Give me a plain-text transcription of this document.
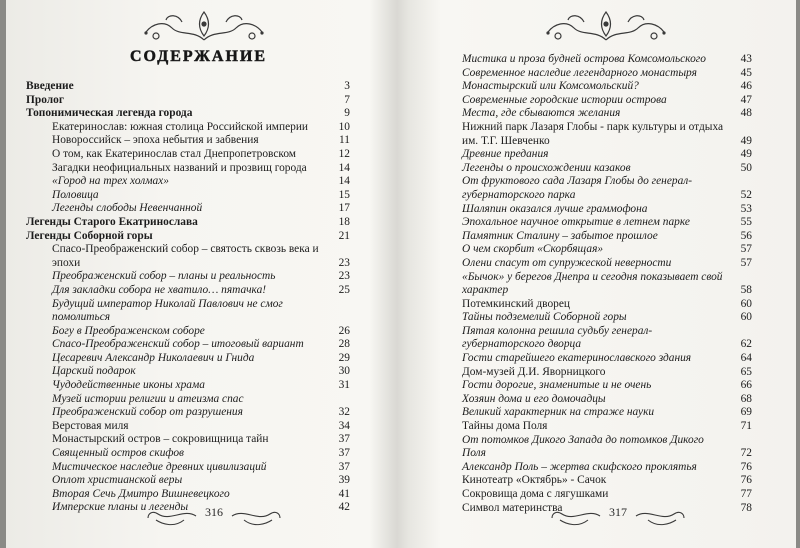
СОДЕРЖАНИЕ
Введение	3
Пролог	7
Топонимическая легенда города	9
Екатеринослав: южная столица Российской империи	10
Новороссийск – эпоха небытия и забвения	11
О том, как Екатеринослав стал Днепропетровском	12
Загадки неофициальных названий и прозвищ города	14
«Город на трех холмах»	14
Половица	15
Легенды слободы Невенчанной	17
Легенды Старого Екатринослава	18
Легенды Соборной горы	21
Спасо-Преображенский собор – святость сквозь века и эпохи	23
Преображенский собор – планы и реальность	23
Для закладки собора не хватило… пятачка!	25
Будущий император Николай Павлович не смог помолиться
Богу в Преображенском соборе	26
Спасо-Преображенский собор – итоговый вариант	28
Цесаревич Александр Николаевич и Гнида	29
Царский подарок	30
Чудодейственные иконы храма	31
Музей истории религии и атеизма спас Преображенский собор от разрушения	32
Верстовая миля	34
Монастырский остров – сокровищница тайн	37
Священный остров скифов	37
Мистическое наследие древних цивилизаций	37
Оплот христианской веры	39
Вторая Сечь Дмитро Вишневецкого	41
Имперские планы и легенды	42
316
Мистика и проза будней острова Комсомольского	43
Современное наследие легендарного монастыря	45
Монастырский или Комсомольский?	46
Современные городские истории острова	47
Места, где сбываются желания	48
Нижний парк Лазаря Глобы - парк культуры и отдыха им. Т.Г. Шевченко	49
Древние предания	49
Легенды о происхождении казаков	50
От фруктового сада Лазаря Глобы до генерал-губернаторского парка	52
Шаляпин оказался лучше граммофона	53
Эпохальное научное открытие в летнем парке	55
Памятник Сталину – забытое прошлое	56
О чем скорбит «Скорбящая»	57
Олени спасут от супружеской неверности	57
«Бычок» у берегов Днепра и сегодня показывает свой характер	58
Потемкинский дворец	60
Тайны подземелий Соборной горы	60
Пятая колонна решила судьбу генерал-губернаторского дворца	62
Гости старейшего екатеринославского здания	64
Дом-музей Д.И. Яворницкого	65
Гости дорогие, знаменитые и не очень	66
Хозяин дома и его домочадцы	68
Великий характерник на страже науки	69
Тайны дома Поля	71
От потомков Дикого Запада до потомков Дикого Поля	72
Александр Поль – жертва скифского проклятья	76
Кинотеатр «Октябрь» - Сачок	76
Сокровища дома с лягушками	77
Символ материнства	78
317
